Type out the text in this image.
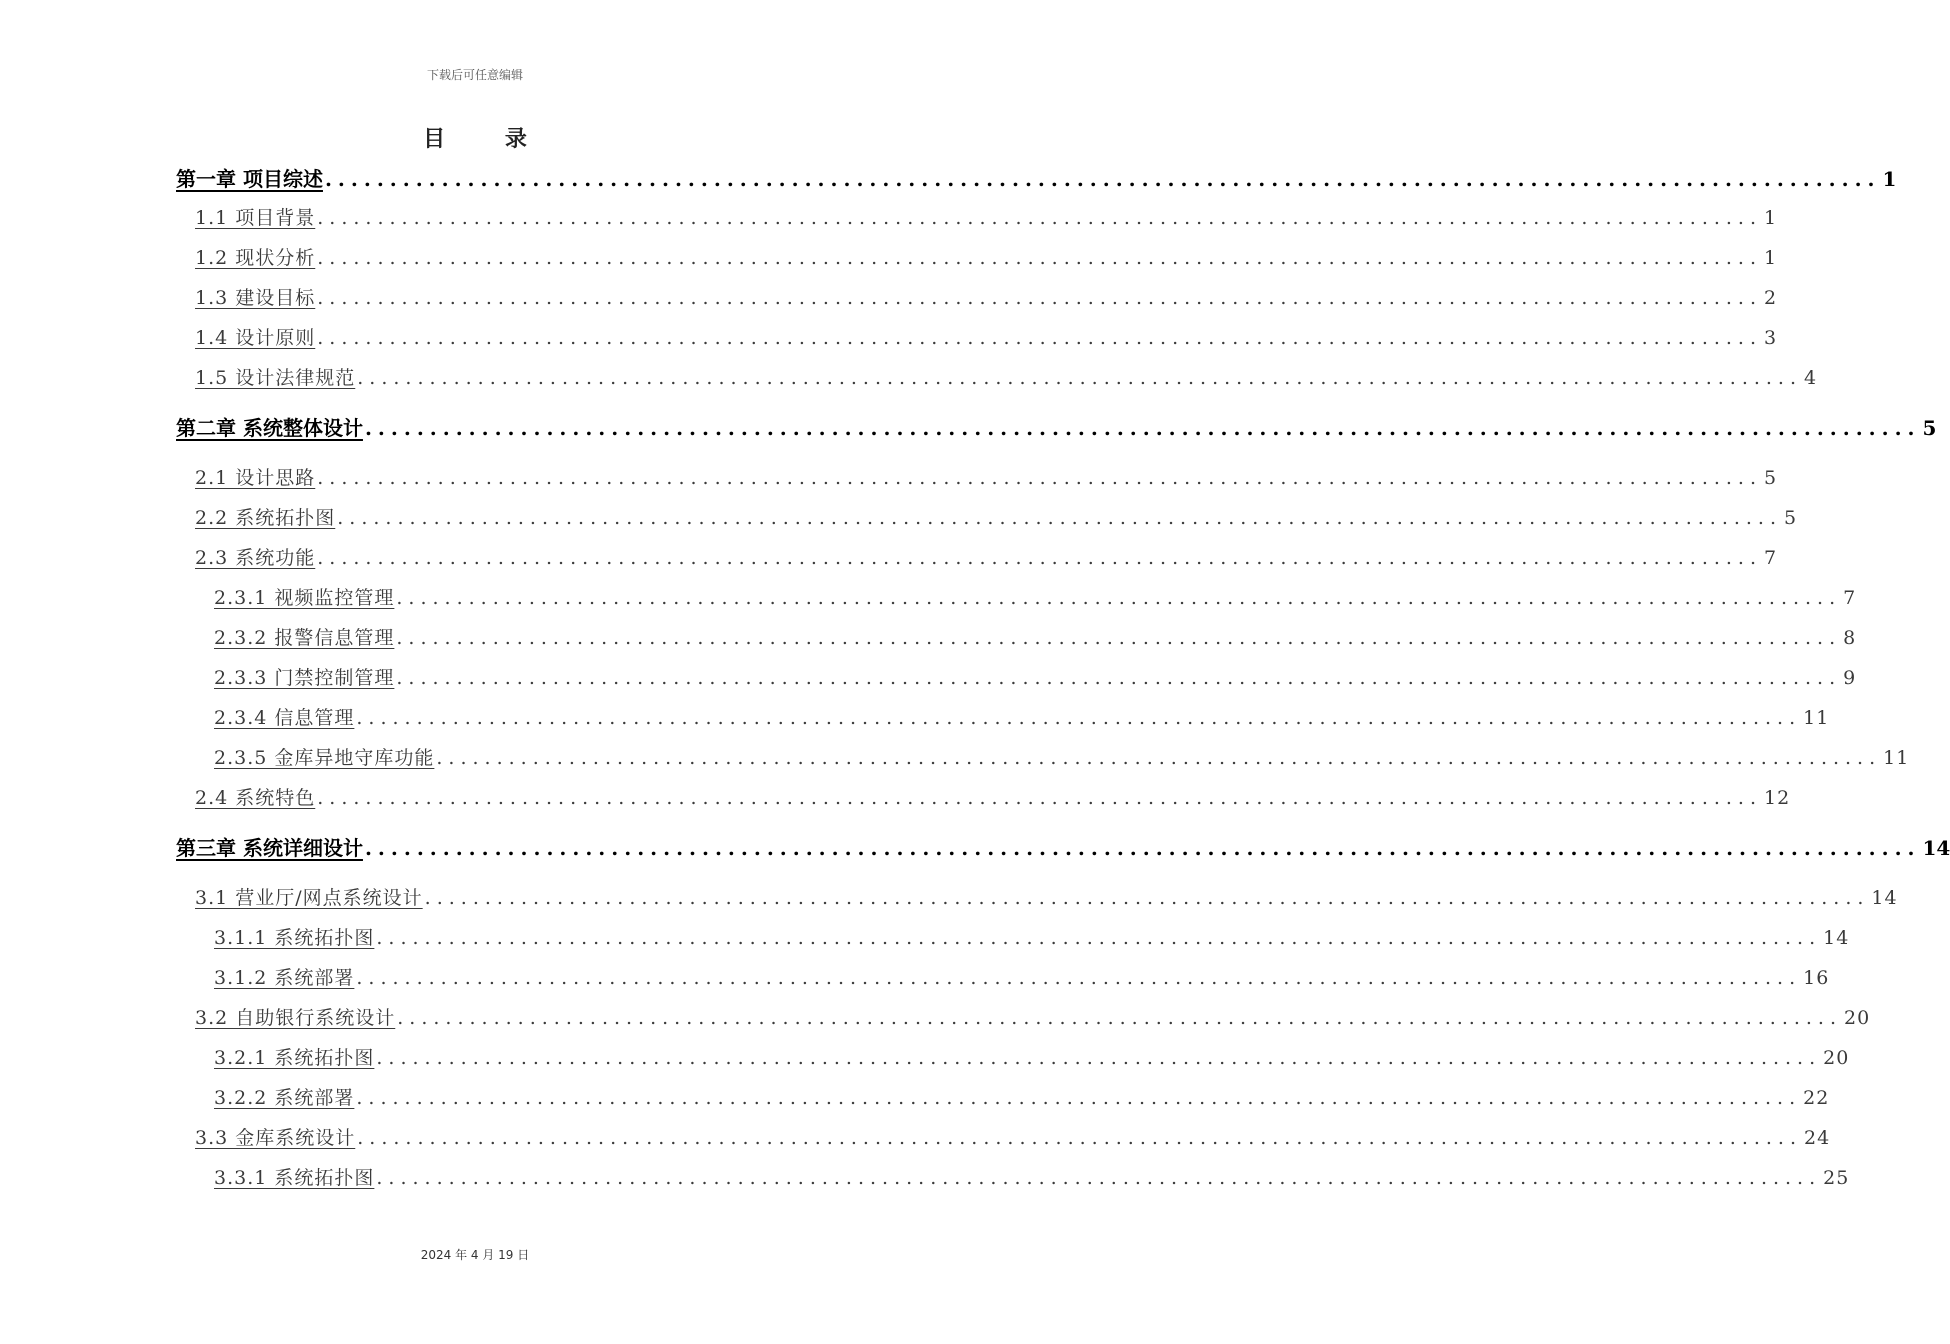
下载后可任意编辑
目 录
第一章 项目综述 ........................................................................................................................ 1
1.1 项目背景 ........................................................................................................................ 1
1.2 现状分析 ........................................................................................................................ 1
1.3 建设目标 ........................................................................................................................ 2
1.4 设计原则 ........................................................................................................................ 3
1.5 设计法律规范 ........................................................................................................................ 4
第二章 系统整体设计 ........................................................................................................................ 5
2.1 设计思路 ........................................................................................................................ 5
2.2 系统拓扑图 ........................................................................................................................ 5
2.3 系统功能 ........................................................................................................................ 7
2.3.1 视频监控管理 ........................................................................................................................ 7
2.3.2 报警信息管理 ........................................................................................................................ 8
2.3.3 门禁控制管理 ........................................................................................................................ 9
2.3.4 信息管理 ........................................................................................................................ 11
2.3.5 金库异地守库功能 ........................................................................................................................ 11
2.4 系统特色 ........................................................................................................................ 12
第三章 系统详细设计 ........................................................................................................................ 14
3.1 营业厅/网点系统设计 ........................................................................................................................ 14
3.1.1 系统拓扑图 ........................................................................................................................ 14
3.1.2 系统部署 ........................................................................................................................ 16
3.2 自助银行系统设计 ........................................................................................................................ 20
3.2.1 系统拓扑图 ........................................................................................................................ 20
3.2.2 系统部署 ........................................................................................................................ 22
3.3 金库系统设计 ........................................................................................................................ 24
3.3.1 系统拓扑图 ........................................................................................................................ 25
2024 年 4 月 19 日
